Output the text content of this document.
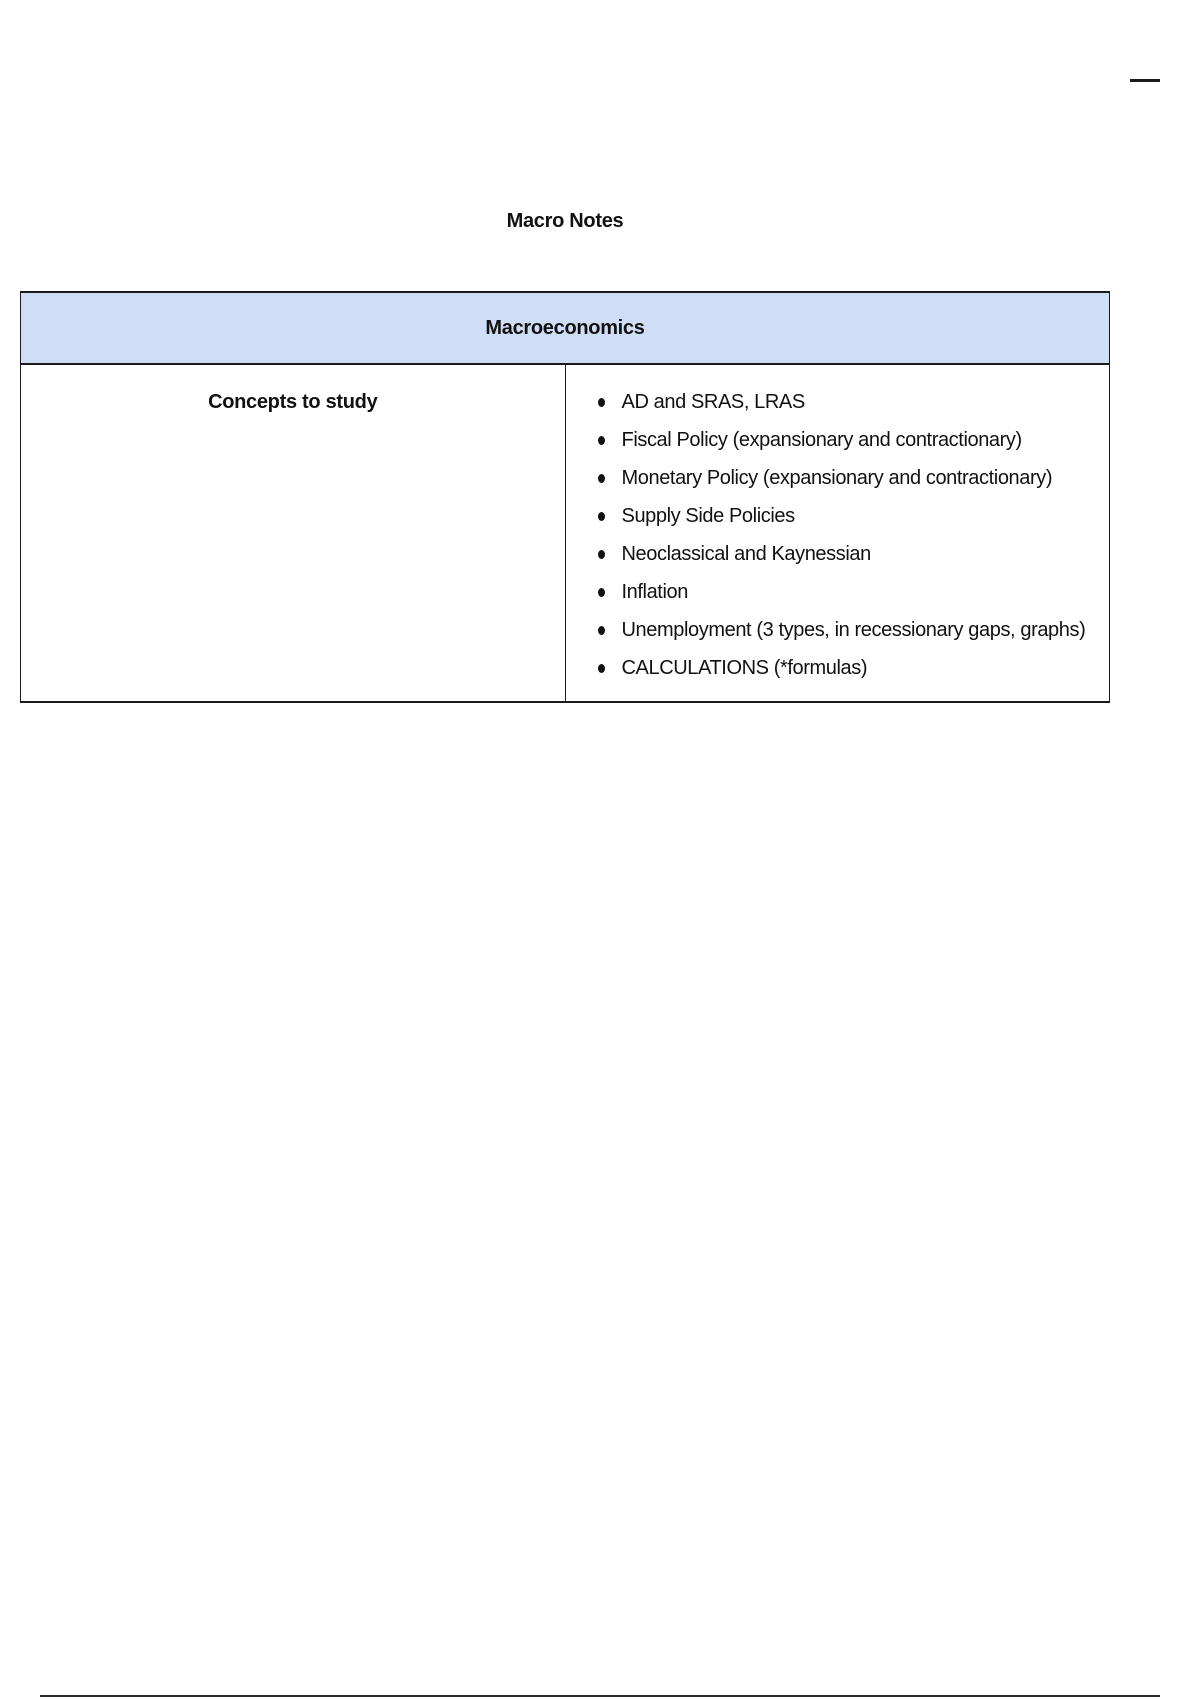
Macro Notes
Macroeconomics
Concepts to study	AD and SRAS, LRAS
Fiscal Policy (expansionary and contractionary)
Monetary Policy (expansionary and contractionary)
Supply Side Policies
Neoclassical and Kaynessian
Inflation
Unemployment (3 types, in recessionary gaps, graphs)
CALCULATIONS (*formulas)
